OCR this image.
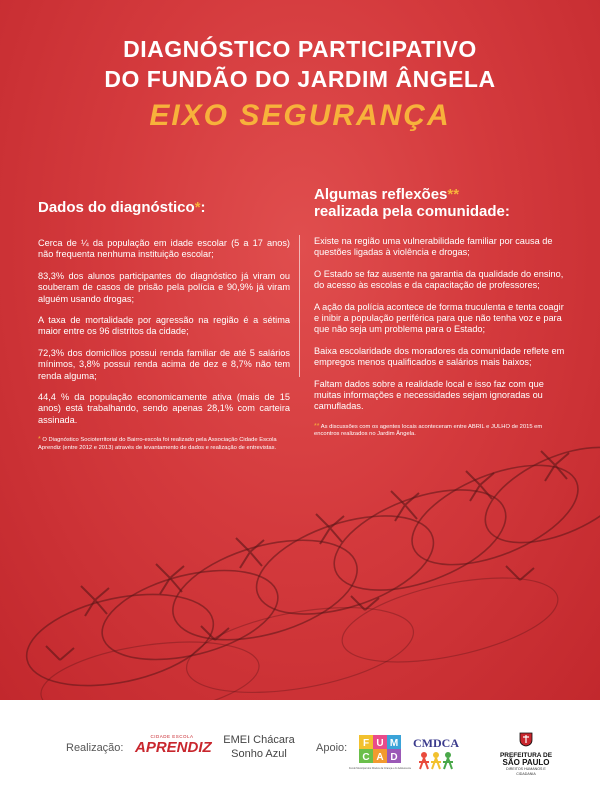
DIAGNÓSTICO PARTICIPATIVO
DO FUNDÃO DO JARDIM ÂNGELA
EIXO SEGURANÇA
Dados do diagnóstico*:

Cerca de ¼ da população em idade escolar (5 a 17 anos) não frequenta nenhuma instituição escolar;

83,3% dos alunos participantes do diagnóstico já viram ou souberam de casos de prisão pela polícia e 90,9% já viram alguém usando drogas;

A taxa de mortalidade por agressão na região é a sétima maior entre os 96 distritos da cidade;

72,3% dos domicílios possui renda familiar de até 5 salários mínimos, 3,8% possui renda acima de dez e 8,7% não tem renda alguma;

44,4 % da população economicamente ativa (mais de 15 anos) está trabalhando, sendo apenas 28,1% com carteira assinada.

* O Diagnóstico Socioterritorial do Bairro-escola foi realizado pela Associação Cidade Escola Aprendiz (entre 2012 e 2013) através de levantamento de dados e realização de entrevistas.

Algumas reflexões**
realizada pela comunidade:

Existe na região uma vulnerabilidade familiar por causa de questões ligadas à violência e drogas;

O Estado se faz ausente na garantia da qualidade do ensino, do acesso às escolas e da capacitação de professores;

A ação da polícia acontece de forma truculenta e tenta coagir e inibir a população periférica para que não tenha voz e para que não seja um problema para o Estado;

Baixa escolaridade dos moradores da comunidade reflete em empregos menos qualificados e salários mais baixos;

Faltam dados sobre a realidade local e isso faz com que muitas informações e necessidades sejam ignoradas ou camufladas.

** As discussões com os agentes locais aconteceram entre ABRIL e JULHO de 2015 em encontros realizados no Jardim Ângela.

Realização:
CIDADE ESCOLA
APRENDIZ	EMEI Chácara
Sonho Azul	Apoio: F U M
C A D
Fundo Municipal dos Direitos da Criança e do Adolescente
CMDCA
PREFEITURA DE
SÃO PAULO
DIREITOS HUMANOS E CIDADANIA
